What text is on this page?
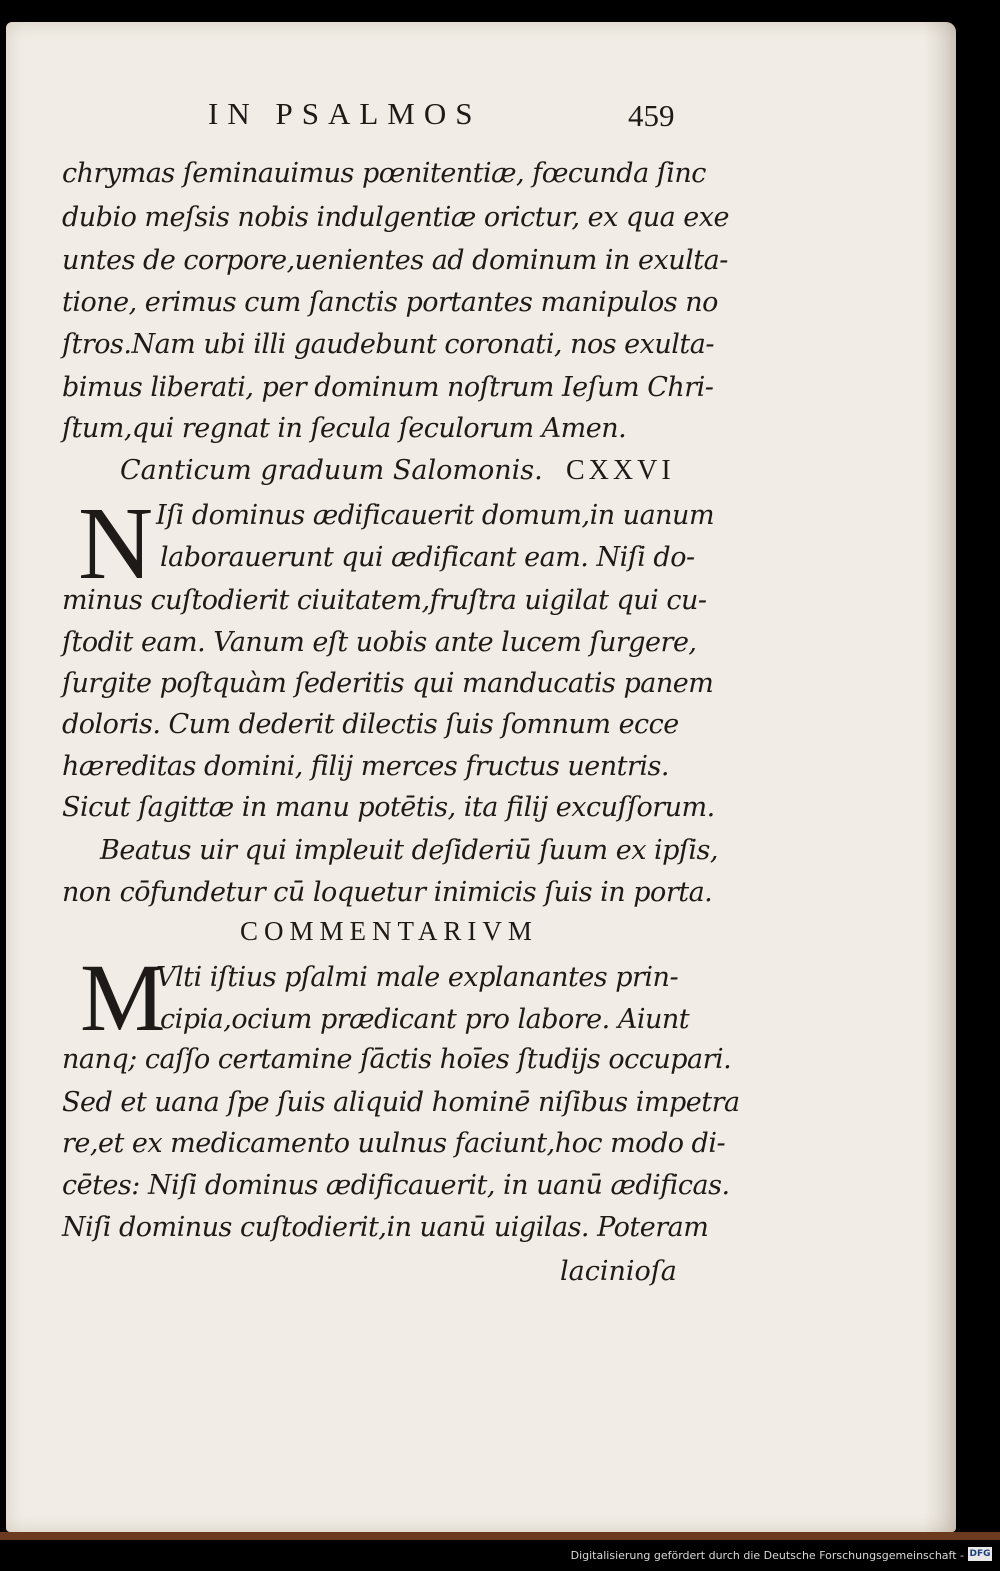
IN PSALMOS	459
chrymas ſeminauimus pœnitentiæ, fœcunda ſinc
dubio meſsis nobis indulgentiæ orictur, ex qua exe
untes de corpore,uenientes ad dominum in exulta-
tione, erimus cum ſanctis portantes manipulos no
ſtros.Nam ubi illi gaudebunt coronati, nos exulta-
bimus liberati, per dominum noſtrum Ieſum Chri-
ſtum,qui regnat in ſecula ſeculorum Amen.
Canticum graduum Salomonis. CXXVI
N Iſi dominus ædificauerit domum,in uanum
laborauerunt qui ædificant eam. Niſi do-
minus cuſtodierit ciuitatem,fruſtra uigilat qui cu-
ſtodit eam. Vanum eſt uobis ante lucem ſurgere,
ſurgite poſtquàm ſederitis qui manducatis panem
doloris. Cum dederit dilectis ſuis ſomnum ecce
hæreditas domini, filij merces fructus uentris.
Sicut ſagittæ in manu potētis, ita filij excuſſorum.
Beatus uir qui impleuit deſideriū ſuum ex ipſis,
non cōfundetur cū loquetur inimicis ſuis in porta.
COMMENTARIVM
M
Vlti iſtius pſalmi male explanantes prin-
cipia,ocium prædicant pro labore. Aiunt
nanq; caſſo certamine ſāctis hoīes ſtudijs occupari.
Sed et uana ſpe ſuis aliquid hominē niſibus impetra
re,et ex medicamento uulnus faciunt,hoc modo di-
cētes: Niſi dominus ædificauerit, in uanū ædificas.
Niſi dominus cuſtodierit,in uanū uigilas. Poteram
lacinioſa
Digitalisierung gefördert durch die Deutsche Forschungsgemeinschaft - DFG
